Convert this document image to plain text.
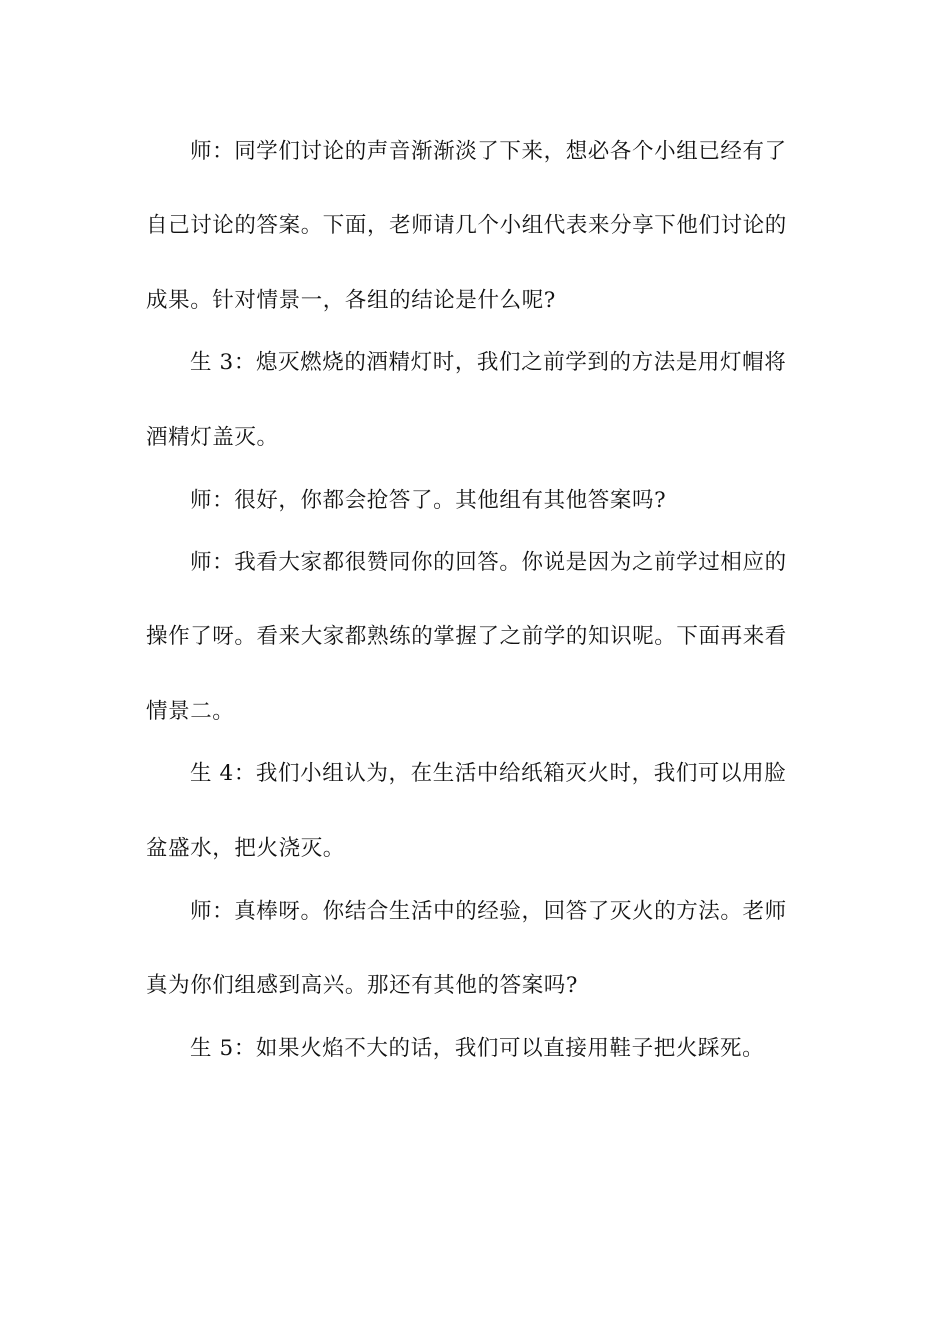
师：同学们讨论的声音渐渐淡了下来，想必各个小组已经有了
自己讨论的答案。下面，老师请几个小组代表来分享下他们讨论的
成果。针对情景一，各组的结论是什么呢?
生 3：熄灭燃烧的酒精灯时，我们之前学到的方法是用灯帽将
酒精灯盖灭。
师：很好，你都会抢答了。其他组有其他答案吗?
师：我看大家都很赞同你的回答。你说是因为之前学过相应的
操作了呀。看来大家都熟练的掌握了之前学的知识呢。下面再来看
情景二。
生 4：我们小组认为，在生活中给纸箱灭火时，我们可以用脸
盆盛水，把火浇灭。
师：真棒呀。你结合生活中的经验，回答了灭火的方法。老师
真为你们组感到高兴。那还有其他的答案吗?
生 5：如果火焰不大的话，我们可以直接用鞋子把火踩死。
